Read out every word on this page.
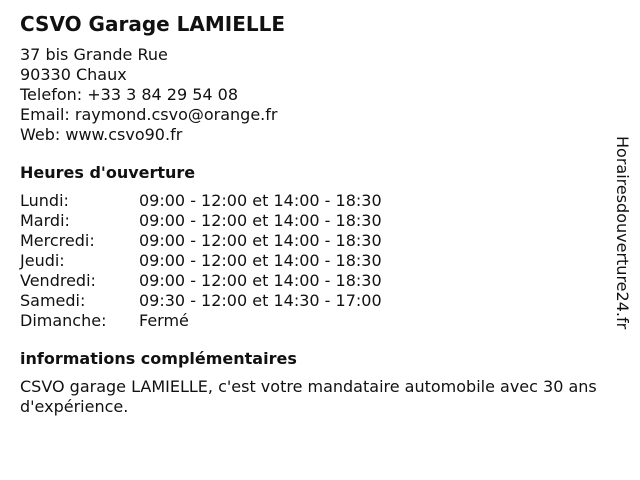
CSVO Garage LAMIELLE
37 bis Grande Rue
90330 Chaux
Telefon: +33 3 84 29 54 08
Email: raymond.csvo@orange.fr
Web: www.csvo90.fr
Heures d'ouverture
Lundi:	09:00 - 12:00 et 14:00 - 18:30
Mardi:	09:00 - 12:00 et 14:00 - 18:30
Mercredi:	09:00 - 12:00 et 14:00 - 18:30
Jeudi:	09:00 - 12:00 et 14:00 - 18:30
Vendredi:	09:00 - 12:00 et 14:00 - 18:30
Samedi:	09:30 - 12:00 et 14:30 - 17:00
Dimanche:	Fermé
informations complémentaires
CSVO garage LAMIELLE, c'est votre mandataire automobile avec 30 ans d'expérience.
Horairesdouverture24.fr
